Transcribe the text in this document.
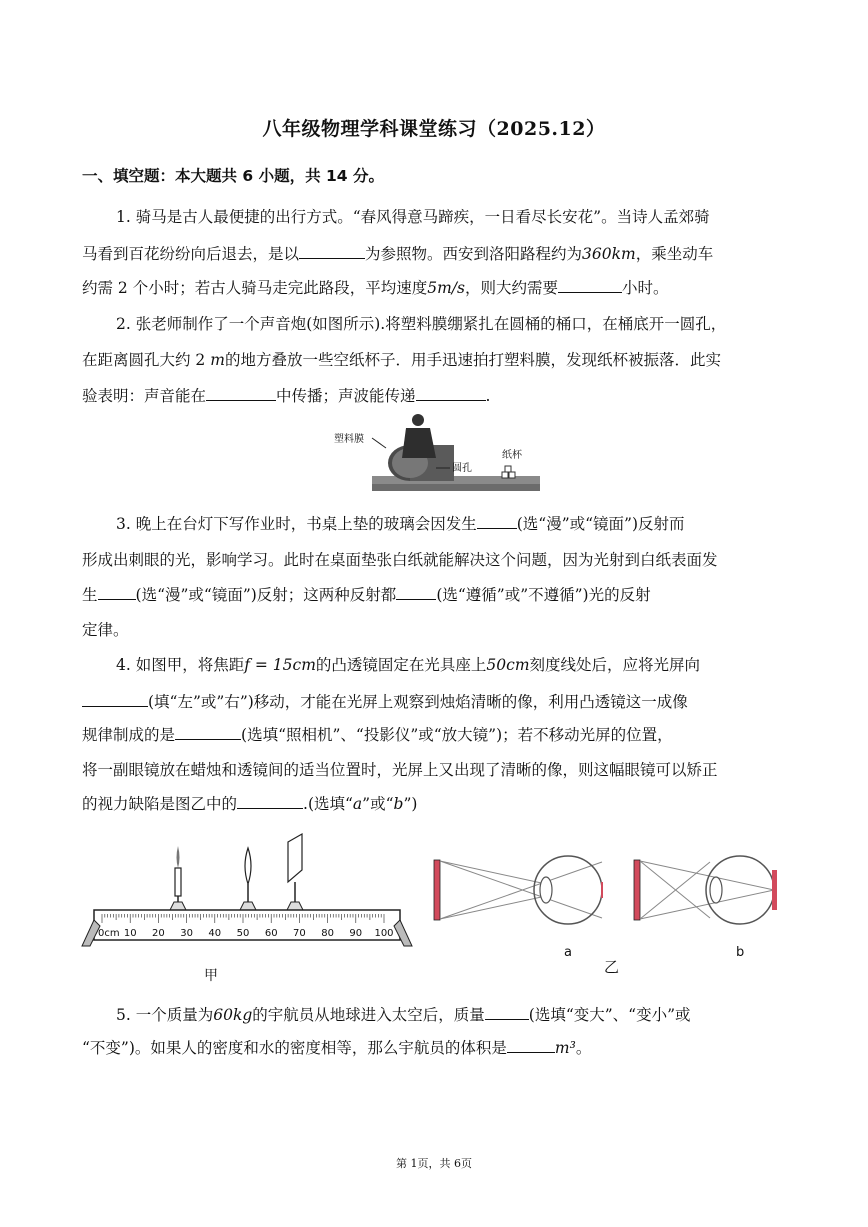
八年级物理学科课堂练习（2025.12）
一、填空题：本大题共 6 小题，共 14 分。
1. 骑马是古人最便捷的出行方式。“春风得意马蹄疾，一日看尽长安花”。当诗人孟郊骑
马看到百花纷纷向后退去，是以	为参照物。西安到洛阳路程约为360km，乘坐动车
约需 2 个小时；若古人骑马走完此路段，平均速度5m/s，则大约需要	小时。
2. 张老师制作了一个声音炮(如图所示).将塑料膜绷紧扎在圆桶的桶口，在桶底开一圆孔，
在距离圆孔大约 2 m的地方叠放一些空纸杯子．用手迅速拍打塑料膜，发现纸杯被振落．此实
验表明：声音能在	中传播；声波能传递	.
塑料膜
圆孔
纸杯
3. 晚上在台灯下写作业时，书桌上垫的玻璃会因发生	(选“漫”或“镜面”)反射而
形成出刺眼的光，影响学习。此时在桌面垫张白纸就能解决这个问题，因为光射到白纸表面发
生 (选“漫”或“镜面”)反射；这两种反射都	(选“遵循”或”不遵循”)光的反射
定律。
4. 如图甲，将焦距f = 15cm的凸透镜固定在光具座上50cm刻度线处后，应将光屏向
(填“左”或”右”)移动，才能在光屏上观察到烛焰清晰的像，利用凸透镜这一成像
规律制成的是	(选填“照相机”、“投影仪”或“放大镜”)；若不移动光屏的位置，
将一副眼镜放在蜡烛和透镜间的适当位置时，光屏上又出现了清晰的像，则这幅眼镜可以矫正
的视力缺陷是图乙中的	.(选填“a”或“b”)
0cm 10 20 30 40 50 60 70 80 90 100
甲
a	b
乙
5. 一个质量为60kg的宇航员从地球进入太空后，质量	(选填“变大”、“变小”或
“不变”)。如果人的密度和水的密度相等，那么宇航员的体积是	m³。
第 1页，共 6页
